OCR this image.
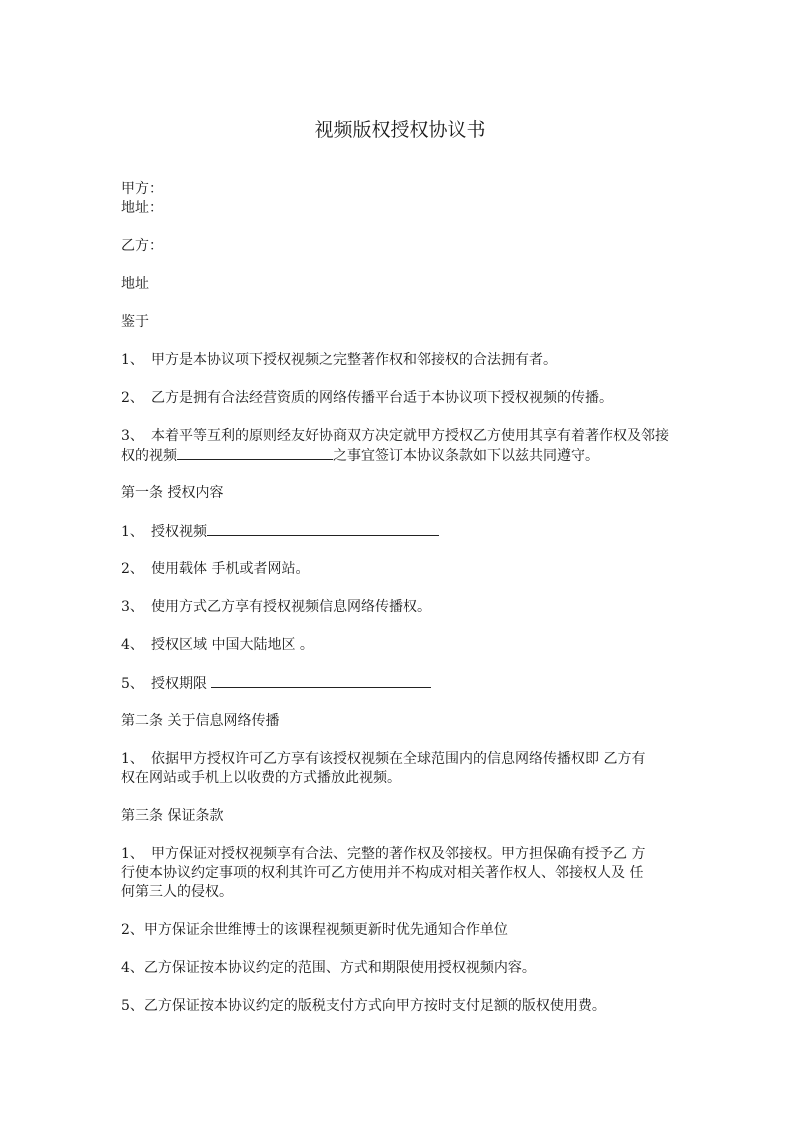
视频版权授权协议书
甲方：
地址：
乙方：
地址
鉴于
1、 甲方是本协议项下授权视频之完整著作权和邻接权的合法拥有者。
2、 乙方是拥有合法经营资质的网络传播平台适于本协议项下授权视频的传播。
3、 本着平等互利的原则经友好协商双方决定就甲方授权乙方使用其享有着著作权及邻接
权的视频	之事宜签订本协议条款如下以兹共同遵守。
第一条 授权内容
1、 授权视频
2、 使用载体 手机或者网站。
3、 使用方式乙方享有授权视频信息网络传播权。
4、 授权区域 中国大陆地区 。
5、 授权期限
第二条 关于信息网络传播
1、 依据甲方授权许可乙方享有该授权视频在全球范围内的信息网络传播权即 乙方有
权在网站或手机上以收费的方式播放此视频。
第三条 保证条款
1、 甲方保证对授权视频享有合法、完整的著作权及邻接权。甲方担保确有授予乙 方
行使本协议约定事项的权利其许可乙方使用并不构成对相关著作权人、邻接权人及 任
何第三人的侵权。
2、甲方保证余世维博士的该课程视频更新时优先通知合作单位
4、乙方保证按本协议约定的范围、方式和期限使用授权视频内容。
5、乙方保证按本协议约定的版税支付方式向甲方按时支付足额的版权使用费。
